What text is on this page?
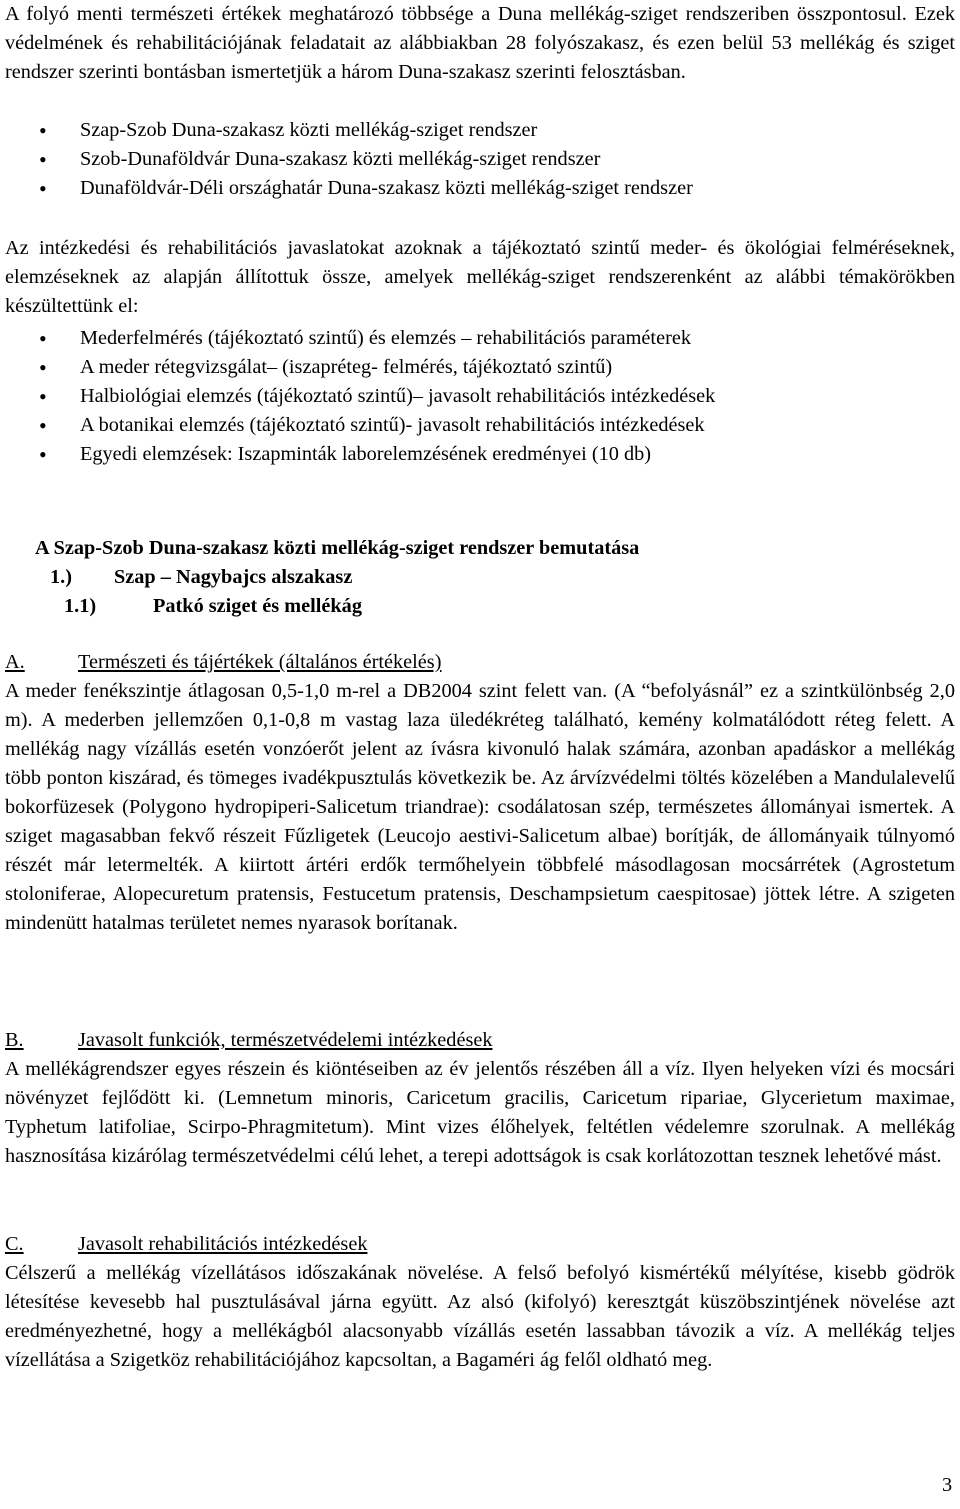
A folyó menti természeti értékek meghatározó többsége a Duna mellékág-sziget rendszeriben összpontosul. Ezek védelmének és rehabilitációjának feladatait az alábbiakban 28 folyószakasz, és ezen belül 53 mellékág és sziget rendszer szerinti bontásban ismertetjük a három Duna-szakasz szerinti felosztásban.

• Szap-Szob Duna-szakasz közti mellékág-sziget rendszer
• Szob-Dunaföldvár Duna-szakasz közti mellékág-sziget rendszer
• Dunaföldvár-Déli országhatár Duna-szakasz közti mellékág-sziget rendszer

Az intézkedési és rehabilitációs javaslatokat azoknak a tájékoztató szintű meder- és ökológiai felméréseknek, elemzéseknek az alapján állítottuk össze, amelyek mellékág-sziget rendszerenként az alábbi témakörökben készültettünk el:

• Mederfelmérés (tájékoztató szintű) és elemzés – rehabilitációs paraméterek
• A meder rétegvizsgálat– (iszapréteg- felmérés, tájékoztató szintű)
• Halbiológiai elemzés (tájékoztató szintű)– javasolt rehabilitációs intézkedések
• A botanikai elemzés (tájékoztató szintű)- javasolt rehabilitációs intézkedések
• Egyedi elemzések: Iszapminták laborelemzésének eredményei (10 db)
A Szap-Szob Duna-szakasz közti mellékág-sziget rendszer bemutatása
1.) Szap – Nagybajcs alszakasz
1.1)	Patkó sziget és mellékág
A.	Természeti és tájértékek (általános értékelés)

A meder fenékszintje átlagosan 0,5-1,0 m-rel a DB2004 szint felett van. (A “befolyásnál” ez a szintkülönbség 2,0 m). A mederben jellemzően 0,1-0,8 m vastag laza üledékréteg található, kemény kolmatálódott réteg felett. A mellékág nagy vízállás esetén vonzóerőt jelent az ívásra kivonuló halak számára, azonban apadáskor a mellékág több ponton kiszárad, és tömeges ivadékpusztulás következik be. Az árvízvédelmi töltés közelében a Mandulalevelű bokorfüzesek (Polygono hydropiperi-Salicetum triandrae): csodálatosan szép, természetes állományai ismertek. A sziget magasabban fekvő részeit Fűzligetek (Leucojo aestivi-Salicetum albae) borítják, de állományaik túlnyomó részét már letermelték. A kiirtott ártéri erdők termőhelyein többfelé másodlagosan mocsárrétek (Agrostetum stoloniferae, Alopecuretum pratensis, Festucetum pratensis, Deschampsietum caespitosae) jöttek létre. A szigeten mindenütt hatalmas területet nemes nyarasok borítanak.

B.	Javasolt funkciók, természetvédelemi intézkedések

A mellékágrendszer egyes részein és kiöntéseiben az év jelentős részében áll a víz. Ilyen helyeken vízi és mocsári növényzet fejlődött ki. (Lemnetum minoris, Caricetum gracilis, Caricetum ripariae, Glycerietum maximae, Typhetum latifoliae, Scirpo-Phragmitetum). Mint vizes élőhelyek, feltétlen védelemre szorulnak. A mellékág hasznosítása kizárólag természetvédelmi célú lehet, a terepi adottságok is csak korlátozottan tesznek lehetővé mást.

C.	Javasolt rehabilitációs intézkedések

Célszerű a mellékág vízellátásos időszakának növelése. A felső befolyó kismértékű mélyítése, kisebb gödrök létesítése kevesebb hal pusztulásával járna együtt. Az alsó (kifolyó) keresztgát küszöbszintjének növelése azt eredményezhetné, hogy a mellékágból alacsonyabb vízállás esetén lassabban távozik a víz. A mellékág teljes vízellátása a Szigetköz rehabilitációjához kapcsoltan, a Bagaméri ág felől oldható meg.

3
